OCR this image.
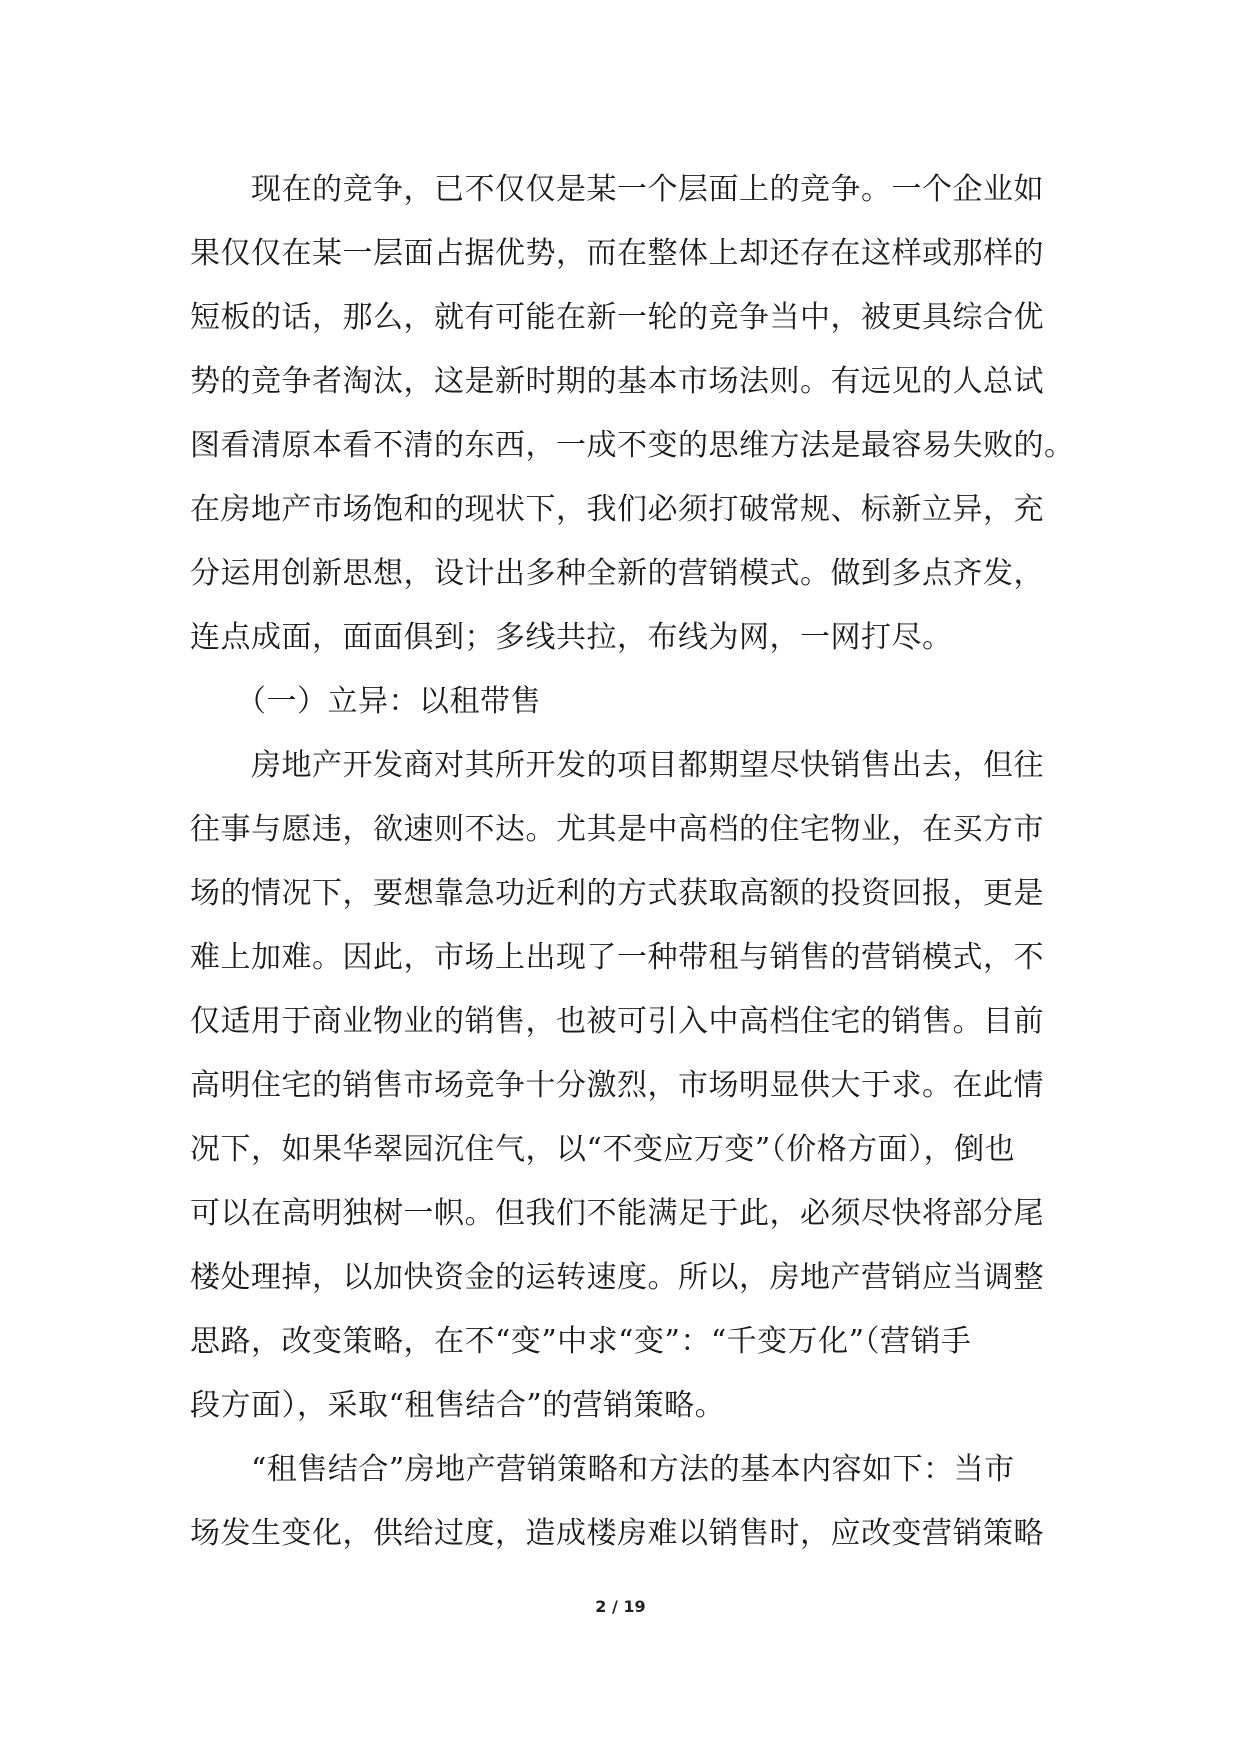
　　现在的竞争，已不仅仅是某一个层面上的竞争。一个企业如
果仅仅在某一层面占据优势，而在整体上却还存在这样或那样的
短板的话，那么，就有可能在新一轮的竞争当中，被更具综合优
势的竞争者淘汰，这是新时期的基本市场法则。有远见的人总试
图看清原本看不清的东西，一成不变的思维方法是最容易失败的。
在房地产市场饱和的现状下，我们必须打破常规、标新立异，充
分运用创新思想，设计出多种全新的营销模式。做到多点齐发，
连点成面，面面俱到；多线共拉，布线为网，一网打尽。
　　（一）立异：以租带售
　　房地产开发商对其所开发的项目都期望尽快销售出去，但往
往事与愿违，欲速则不达。尤其是中高档的住宅物业，在买方市
场的情况下，要想靠急功近利的方式获取高额的投资回报，更是
难上加难。因此，市场上出现了一种带租与销售的营销模式，不
仅适用于商业物业的销售，也被可引入中高档住宅的销售。目前
高明住宅的销售市场竞争十分激烈，市场明显供大于求。在此情
况下，如果华翠园沉住气，以“不变应万变”（价格方面），倒也
可以在高明独树一帜。但我们不能满足于此，必须尽快将部分尾
楼处理掉，以加快资金的运转速度。所以，房地产营销应当调整
思路，改变策略，在不“变”中求“变”：“千变万化”（营销手
段方面），采取“租售结合”的营销策略。
　　“租售结合”房地产营销策略和方法的基本内容如下：当市
场发生变化，供给过度，造成楼房难以销售时，应改变营销策略
2 / 19
